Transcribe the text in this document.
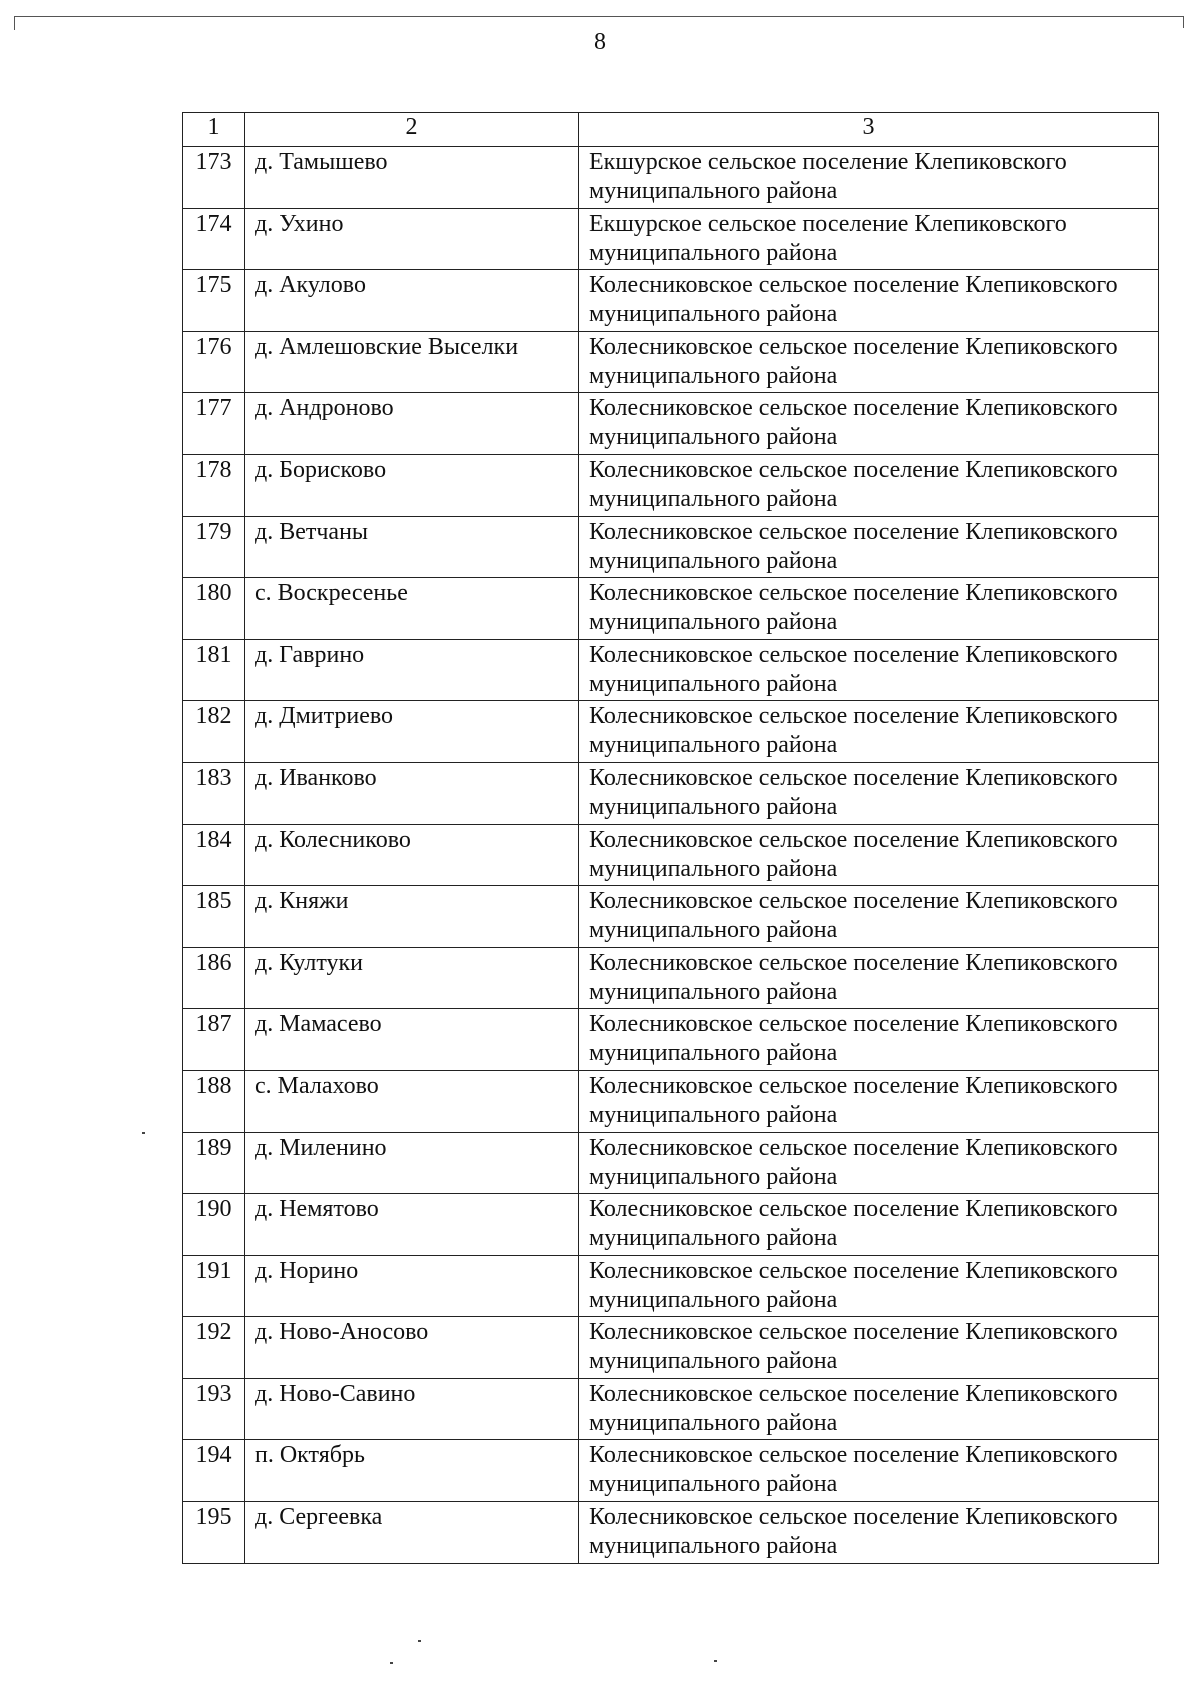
8
1	2	3
173	д. Тамышево	Екшурское сельское поселение Клепиковского муниципального района
174	д. Ухино	Екшурское сельское поселение Клепиковского муниципального района
175	д. Акулово	Колесниковское сельское поселение Клепиковского муниципального района
176	д. Амлешовские Выселки	Колесниковское сельское поселение Клепиковского муниципального района
177	д. Андроново	Колесниковское сельское поселение Клепиковского муниципального района
178	д. Борисково	Колесниковское сельское поселение Клепиковского муниципального района
179	д. Ветчаны	Колесниковское сельское поселение Клепиковского муниципального района
180	с. Воскресенье	Колесниковское сельское поселение Клепиковского муниципального района
181	д. Гаврино	Колесниковское сельское поселение Клепиковского муниципального района
182	д. Дмитриево	Колесниковское сельское поселение Клепиковского муниципального района
183	д. Иванково	Колесниковское сельское поселение Клепиковского муниципального района
184	д. Колесниково	Колесниковское сельское поселение Клепиковского муниципального района
185	д. Княжи	Колесниковское сельское поселение Клепиковского муниципального района
186	д. Култуки	Колесниковское сельское поселение Клепиковского муниципального района
187	д. Мамасево	Колесниковское сельское поселение Клепиковского муниципального района
188	с. Малахово	Колесниковское сельское поселение Клепиковского муниципального района
189	д. Миленино	Колесниковское сельское поселение Клепиковского муниципального района
190	д. Немятово	Колесниковское сельское поселение Клепиковского муниципального района
191	д. Норино	Колесниковское сельское поселение Клепиковского муниципального района
192	д. Ново-Аносово	Колесниковское сельское поселение Клепиковского муниципального района
193	д. Ново-Савино	Колесниковское сельское поселение Клепиковского муниципального района
194	п. Октябрь	Колесниковское сельское поселение Клепиковского муниципального района
195	д. Сергеевка	Колесниковское сельское поселение Клепиковского муниципального района
